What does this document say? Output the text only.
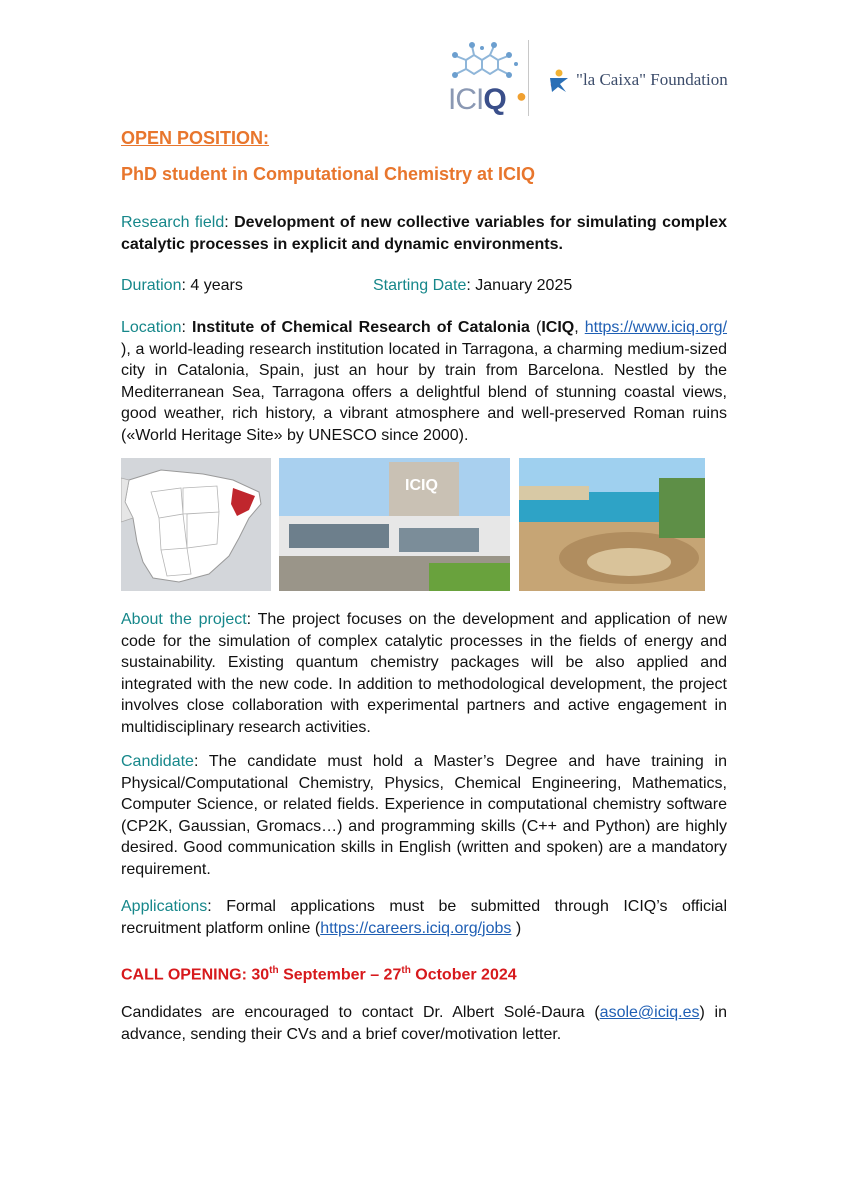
ICIQ ●
"la Caixa" Foundation
OPEN POSITION:
PhD student in Computational Chemistry at ICIQ

Research field: Development of new collective variables for simulating complex catalytic processes in explicit and dynamic environments.

Duration: 4 years	Starting Date: January 2025

Location: Institute of Chemical Research of Catalonia (ICIQ, https://www.iciq.org/ ), a world-leading research institution located in Tarragona, a charming medium-sized city in Catalonia, Spain, just an hour by train from Barcelona. Nestled by the Mediterranean Sea, Tarragona offers a delightful blend of stunning coastal views, good weather, rich history, a vibrant atmosphere and well-preserved Roman ruins («World Heritage Site» by UNESCO since 2000).

ICIQ

About the project: The project focuses on the development and application of new code for the simulation of complex catalytic processes in the fields of energy and sustainability. Existing quantum chemistry packages will be also applied and integrated with the new code. In addition to methodological development, the project involves close collaboration with experimental partners and active engagement in multidisciplinary research activities.

Candidate: The candidate must hold a Master’s Degree and have training in Physical/Computational Chemistry, Physics, Chemical Engineering, Mathematics, Computer Science, or related fields. Experience in computational chemistry software (CP2K, Gaussian, Gromacs…) and programming skills (C++ and Python) are highly desired. Good communication skills in English (written and spoken) are a mandatory requirement.

Applications: Formal applications must be submitted through ICIQ’s official recruitment platform online (https://careers.iciq.org/jobs )

CALL OPENING: 30th September – 27th October 2024

Candidates are encouraged to contact Dr. Albert Solé-Daura (asole@iciq.es) in advance, sending their CVs and a brief cover/motivation letter.
